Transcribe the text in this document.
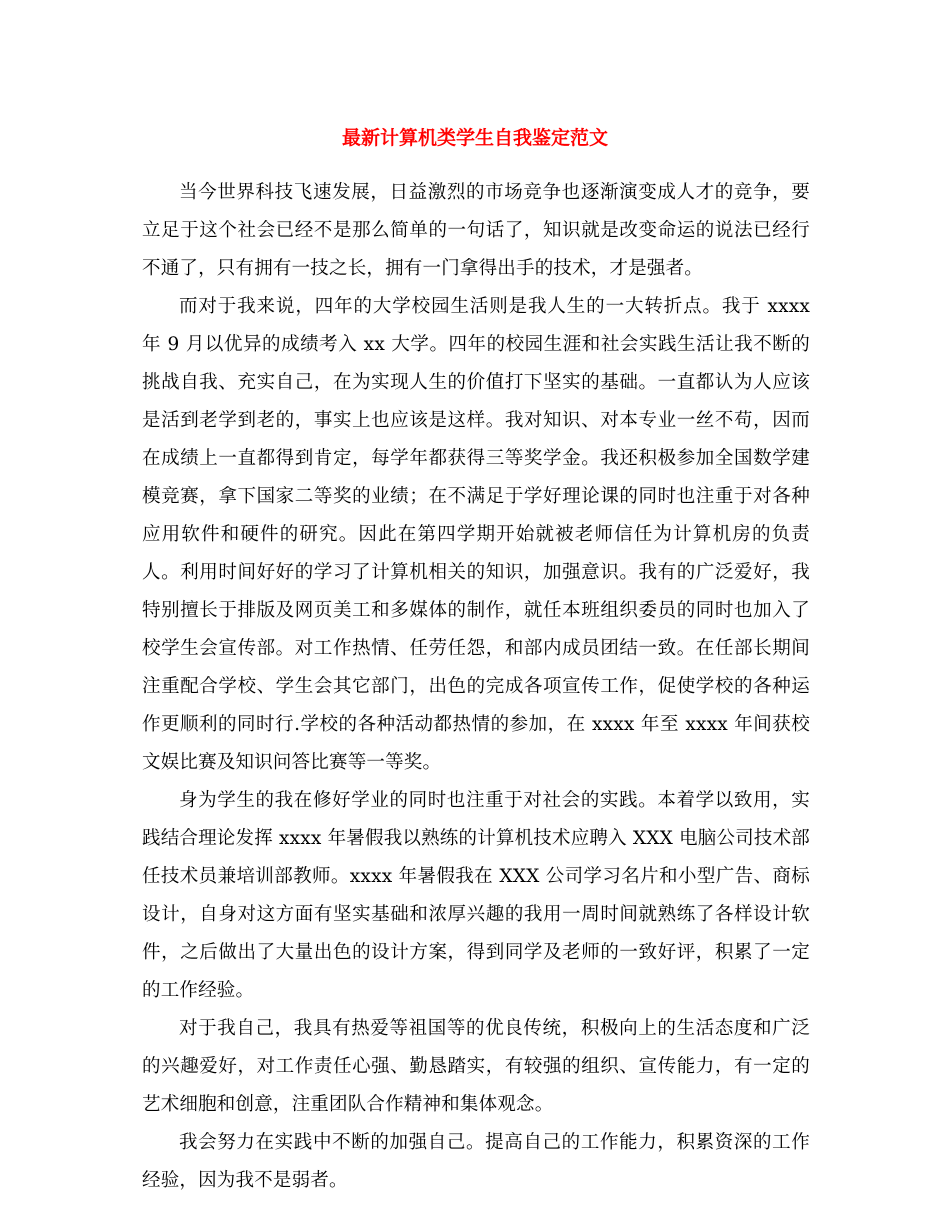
最新计算机类学生自我鉴定范文

当今世界科技飞速发展，日益激烈的市场竞争也逐渐演变成人才的竞争，要立足于这个社会已经不是那么简单的一句话了，知识就是改变命运的说法已经行不通了，只有拥有一技之长，拥有一门拿得出手的技术，才是强者。

而对于我来说，四年的大学校园生活则是我人生的一大转折点。我于 xxxx 年 9 月以优异的成绩考入 xx 大学。四年的校园生涯和社会实践生活让我不断的挑战自我、充实自己，在为实现人生的价值打下坚实的基础。一直都认为人应该是活到老学到老的，事实上也应该是这样。我对知识、对本专业一丝不苟，因而在成绩上一直都得到肯定，每学年都获得三等奖学金。我还积极参加全国数学建模竞赛，拿下国家二等奖的业绩；在不满足于学好理论课的同时也注重于对各种应用软件和硬件的研究。因此在第四学期开始就被老师信任为计算机房的负责人。利用时间好好的学习了计算机相关的知识，加强意识。我有的广泛爱好，我特别擅长于排版及网页美工和多媒体的制作，就任本班组织委员的同时也加入了校学生会宣传部。对工作热情、任劳任怨，和部内成员团结一致。在任部长期间注重配合学校、学生会其它部门，出色的完成各项宣传工作，促使学校的各种运作更顺利的同时行.学校的各种活动都热情的参加，在 xxxx 年至 xxxx 年间获校文娱比赛及知识问答比赛等一等奖。

身为学生的我在修好学业的同时也注重于对社会的实践。本着学以致用，实践结合理论发挥 xxxx 年暑假我以熟练的计算机技术应聘入 XXX 电脑公司技术部任技术员兼培训部教师。xxxx 年暑假我在 XXX 公司学习名片和小型广告、商标设计，自身对这方面有坚实基础和浓厚兴趣的我用一周时间就熟练了各样设计软件，之后做出了大量出色的设计方案，得到同学及老师的一致好评，积累了一定的工作经验。

对于我自己，我具有热爱等祖国等的优良传统，积极向上的生活态度和广泛的兴趣爱好，对工作责任心强、勤恳踏实，有较强的组织、宣传能力，有一定的艺术细胞和创意，注重团队合作精神和集体观念。

我会努力在实践中不断的加强自己。提高自己的工作能力，积累资深的工作经验，因为我不是弱者。
